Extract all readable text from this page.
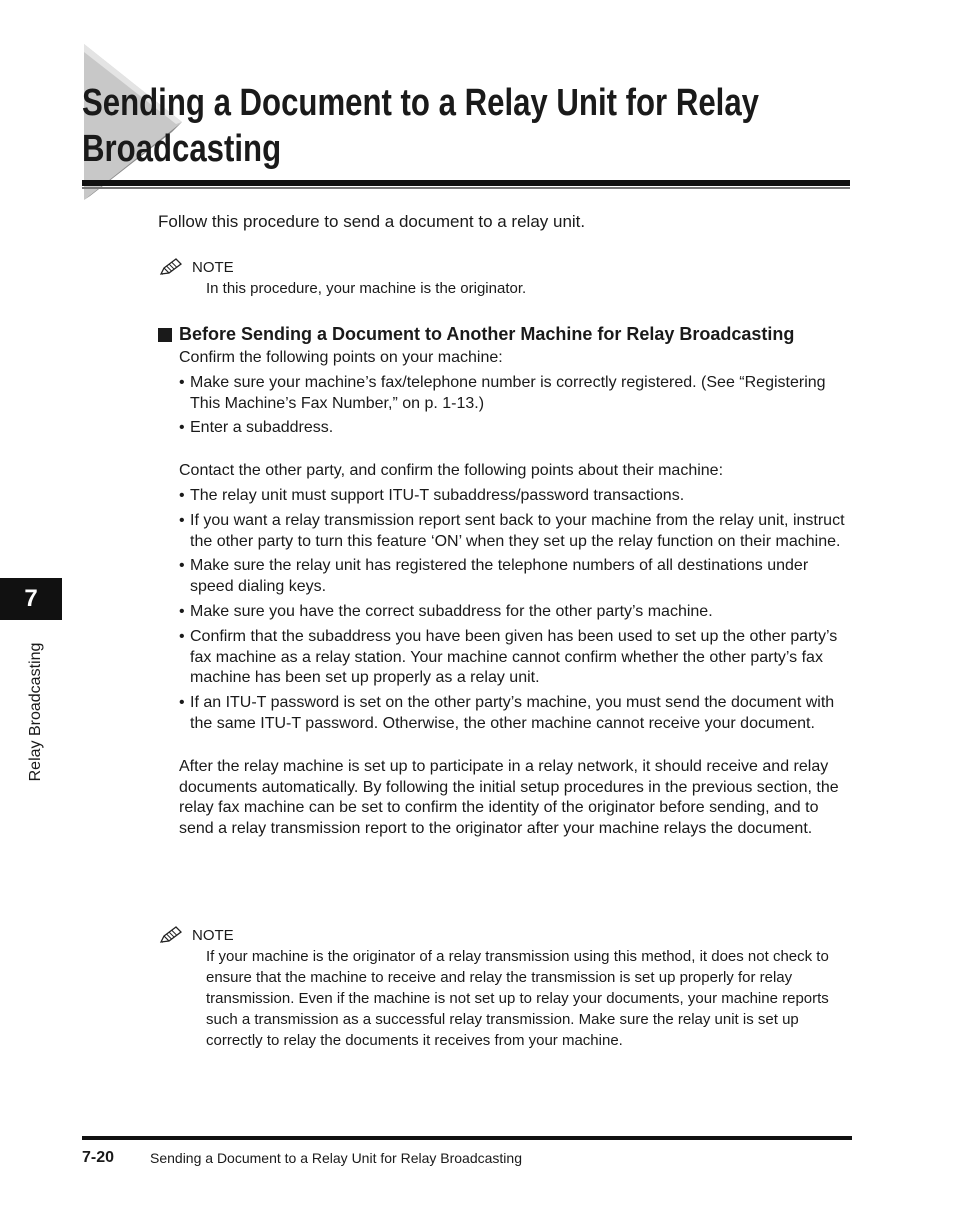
Sending a Document to a Relay Unit for Relay Broadcasting

Follow this procedure to send a document to a relay unit.

NOTE

In this procedure, your machine is the originator.

Before Sending a Document to Another Machine for Relay Broadcasting

Confirm the following points on your machine:

• Make sure your machine’s fax/telephone number is correctly registered. (See “Registering This Machine’s Fax Number,” on p. 1-13.)
• Enter a subaddress.

Contact the other party, and confirm the following points about their machine:

• The relay unit must support ITU-T subaddress/password transactions.
• If you want a relay transmission report sent back to your machine from the relay unit, instruct the other party to turn this feature ‘ON’ when they set up the relay function on their machine.
• Make sure the relay unit has registered the telephone numbers of all destinations under speed dialing keys.
• Make sure you have the correct subaddress for the other party’s machine.
• Confirm that the subaddress you have been given has been used to set up the other party’s fax machine as a relay station. Your machine cannot confirm whether the other party’s fax machine has been set up properly as a relay unit.
• If an ITU-T password is set on the other party’s machine, you must send the document with the same ITU-T password. Otherwise, the other machine cannot receive your document.

After the relay machine is set up to participate in a relay network, it should receive and relay documents automatically. By following the initial setup procedures in the previous section, the relay fax machine can be set to confirm the identity of the originator before sending, and to send a relay transmission report to the originator after your machine relays the document.

NOTE

If your machine is the originator of a relay transmission using this method, it does not check to ensure that the machine to receive and relay the transmission is set up properly for relay transmission. Even if the machine is not set up to relay your documents, your machine reports such a transmission as a successful relay transmission. Make sure the relay unit is set up correctly to relay the documents it receives from your machine.

7
Relay Broadcasting
7-20	Sending a Document to a Relay Unit for Relay Broadcasting
